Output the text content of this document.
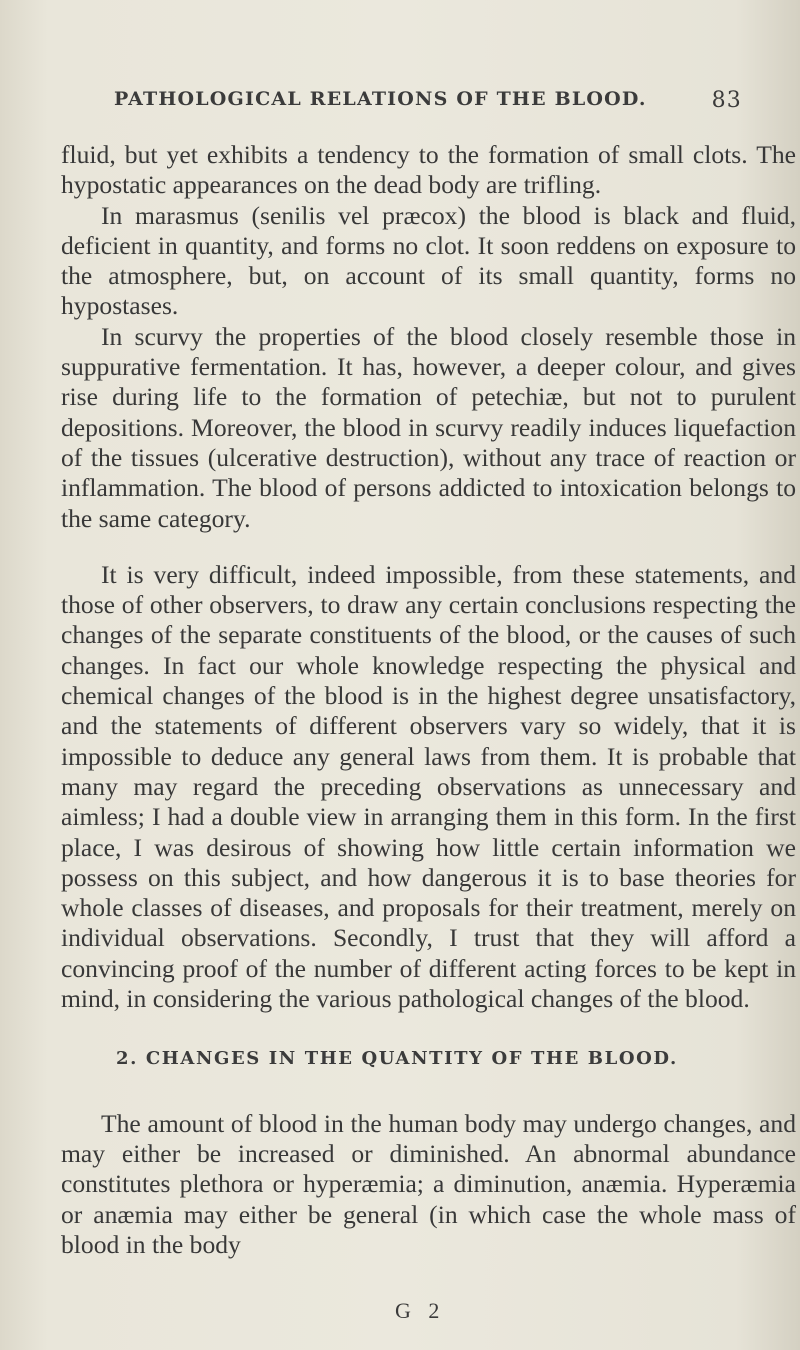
PATHOLOGICAL RELATIONS OF THE BLOOD.	83

fluid, but yet exhibits a tendency to the formation of small clots. The hypostatic appearances on the dead body are trifling.

In marasmus (senilis vel præcox) the blood is black and fluid, deficient in quantity, and forms no clot. It soon reddens on exposure to the atmosphere, but, on account of its small quantity, forms no hypostases.

In scurvy the properties of the blood closely resemble those in suppurative fermentation. It has, however, a deeper colour, and gives rise during life to the formation of petechiæ, but not to purulent depositions. Moreover, the blood in scurvy readily induces liquefaction of the tissues (ulcerative destruction), without any trace of reaction or inflammation. The blood of persons addicted to intoxication belongs to the same category.

It is very difficult, indeed impossible, from these statements, and those of other observers, to draw any certain conclusions respecting the changes of the separate constituents of the blood, or the causes of such changes. In fact our whole knowledge respecting the physical and chemical changes of the blood is in the highest degree unsatisfactory, and the statements of different observers vary so widely, that it is impossible to deduce any general laws from them. It is probable that many may regard the preceding observations as unnecessary and aimless; I had a double view in arranging them in this form. In the first place, I was desirous of showing how little certain information we possess on this subject, and how dangerous it is to base theories for whole classes of diseases, and proposals for their treatment, merely on individual observations. Secondly, I trust that they will afford a convincing proof of the number of different acting forces to be kept in mind, in considering the various pathological changes of the blood.

2. CHANGES IN THE QUANTITY OF THE BLOOD.

The amount of blood in the human body may undergo changes, and may either be increased or diminished. An abnormal abundance constitutes plethora or hyperæmia; a diminution, anæmia. Hyperæmia or anæmia may either be general (in which case the whole mass of blood in the body

G 2
